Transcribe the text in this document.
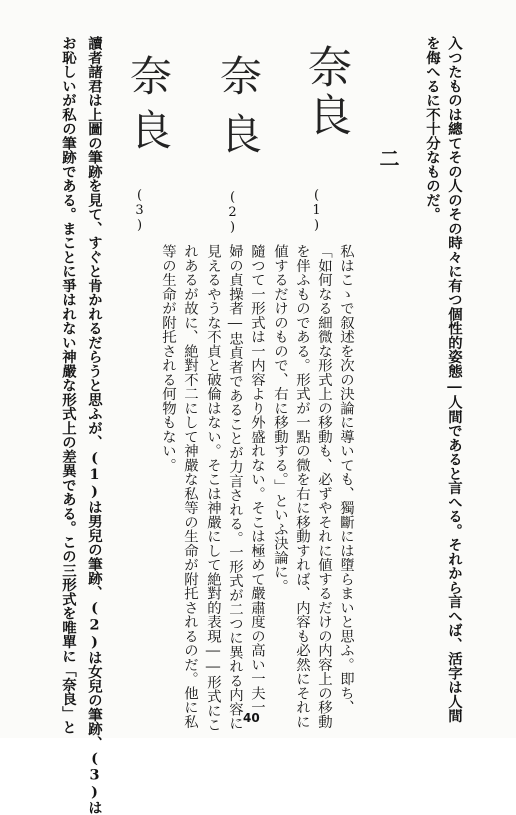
入つたものは總てその人のその時々に有つ個性的姿態―人間であると言へる。それから言へば、活字は人間
を侮へるに不十分なものだ。
二
奈良
(1)
奈良
(2)
奈良
(3)
私はこゝで叙述を次の決論に導いても、獨斷には墮らまいと思ふ。即ち、
「如何なる細微な形式上の移動も、必ずやそれに値するだけの内容上の移動
を伴ふものである。形式が一點の微を右に移動すれば、内容も必然にそれに
値するだけのもので、右に移動する。」といふ決論に。
隨つて一形式は一内容より外盛れない。そこは極めて嚴肅度の高い一夫一
婦の貞操者―忠貞者であることが力言される。一形式が二つに異れる内容に
見えるやうな不貞と破倫はない。そこは神嚴にして絶對的表現――形式にこ
れあるが故に、絶對不二にして神嚴な私等の生命が附托されるのだ。他に私
等の生命が附托される何物もない。
讀者諸君は上圖の筆跡を見て、すぐと肯かれるだらうと思ふが、(1)は男兒の筆跡、(2)は女兒の筆跡、(3)は
お恥しいが私の筆跡である。まことに爭はれない神嚴な形式上の差異である。この三形式を唯單に「奈良」と	40
